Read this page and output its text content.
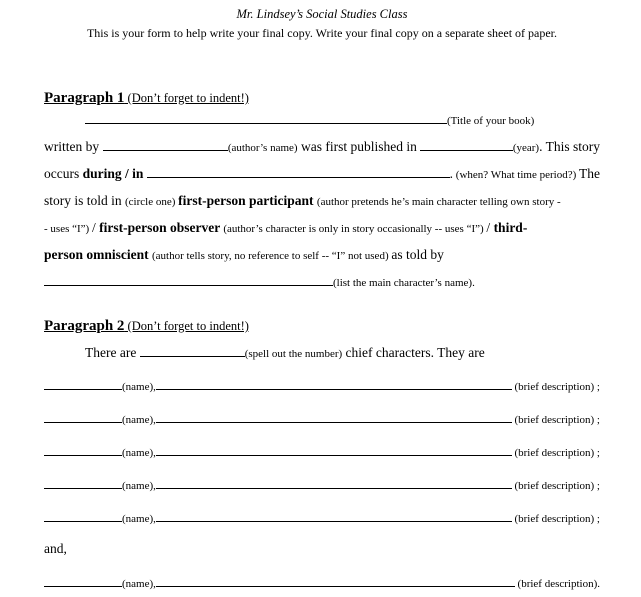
Mr. Lindsey’s Social Studies Class
This is your form to help write your final copy. Write your final copy on a separate sheet of paper.
Paragraph 1 (Don’t forget to indent!)
(Title of your book)
written by	(author’s name) was first published in	(year) . This story
occurs during / in	. (when? What time period?) The
story is told in (circle one) first-person participant (author pretends he’s main character telling own story -
- uses “I”) / first-person observer (author’s character is only in story occasionally -- uses “I”) / third-
person omniscient (author tells story, no reference to self -- “I” not used) as told by
(list the main character’s name).
Paragraph 2 (Don’t forget to indent!)
There are	(spell out the number) chief characters. They are
(name),	(brief description) ;
(name),	(brief description) ;
(name),	(brief description) ;
(name),	(brief description) ;
(name),	(brief description) ;
and,
(name),	(brief description).
